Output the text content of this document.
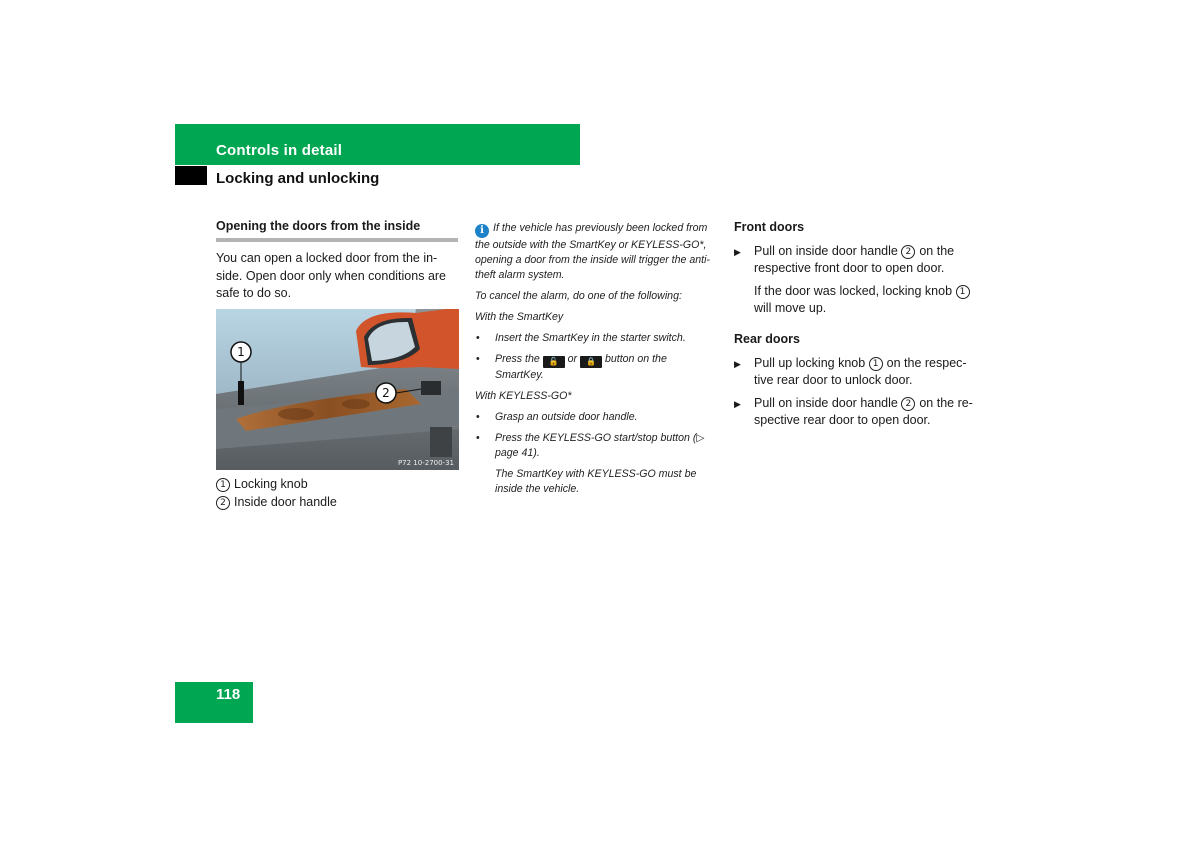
Controls in detail
Locking and unlocking
Opening the doors from the inside
You can open a locked door from the in-side. Open door only when conditions are safe to do so.
1
2
P72 10-2700-31
1 Locking knob
2 Inside door handle

i If the vehicle has previously been locked from the outside with the SmartKey or KEYLESS-GO*, opening a door from the inside will trigger the anti-theft alarm system.

To cancel the alarm, do one of the following:

With the SmartKey

• Insert the SmartKey in the starter switch.

• Press the 🔓 or 🔒 button on the SmartKey.

With KEYLESS-GO*

• Grasp an outside door handle.

• Press the KEYLESS-GO start/stop button (▷ page 41).

The SmartKey with KEYLESS-GO must be inside the vehicle.

Front doors

▶ Pull on inside door handle 2 on the respective front door to open door.

If the door was locked, locking knob 1will move up.

Rear doors

▶ Pull up locking knob 1 on the respec-tive rear door to unlock door.

▶ Pull on inside door handle 2 on the re-spective rear door to open door.

118
